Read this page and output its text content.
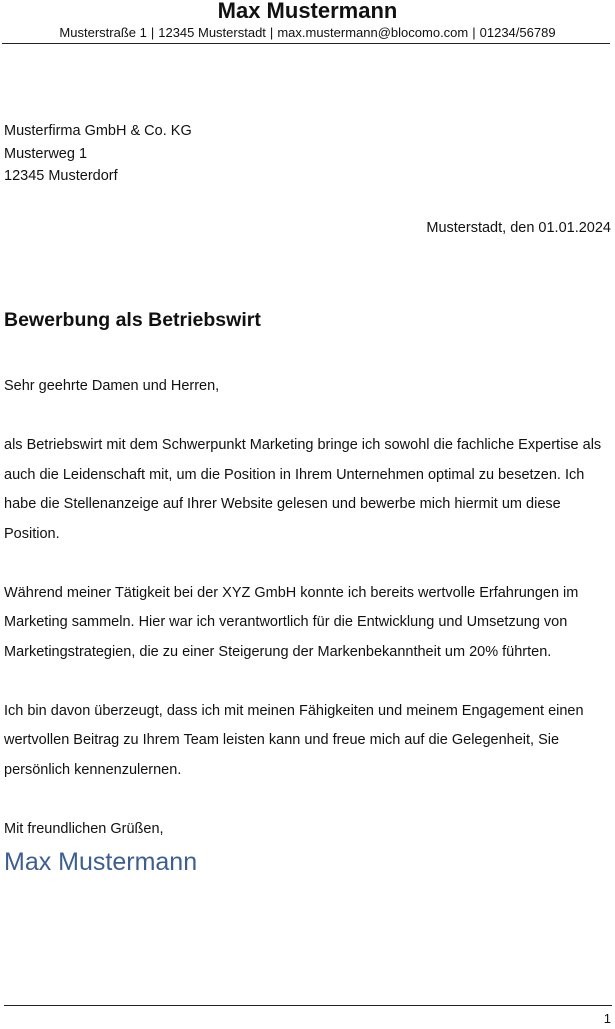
Max Mustermann
Musterstraße 1 | 12345 Musterstadt | max.mustermann@blocomo.com | 01234/56789
Musterfirma GmbH & Co. KG
Musterweg 1
12345 Musterdorf
Musterstadt, den 01.01.2024
Bewerbung als Betriebswirt

Sehr geehrte Damen und Herren,

als Betriebswirt mit dem Schwerpunkt Marketing bringe ich sowohl die fachliche Expertise als auch die Leidenschaft mit, um die Position in Ihrem Unternehmen optimal zu besetzen. Ich habe die Stellenanzeige auf Ihrer Website gelesen und bewerbe mich hiermit um diese Position.

Während meiner Tätigkeit bei der XYZ GmbH konnte ich bereits wertvolle Erfahrungen im Marketing sammeln. Hier war ich verantwortlich für die Entwicklung und Umsetzung von Marketingstrategien, die zu einer Steigerung der Markenbekanntheit um 20% führten.

Ich bin davon überzeugt, dass ich mit meinen Fähigkeiten und meinem Engagement einen wertvollen Beitrag zu Ihrem Team leisten kann und freue mich auf die Gelegenheit, Sie persönlich kennenzulernen.

Mit freundlichen Grüßen,

Max Mustermann
1
